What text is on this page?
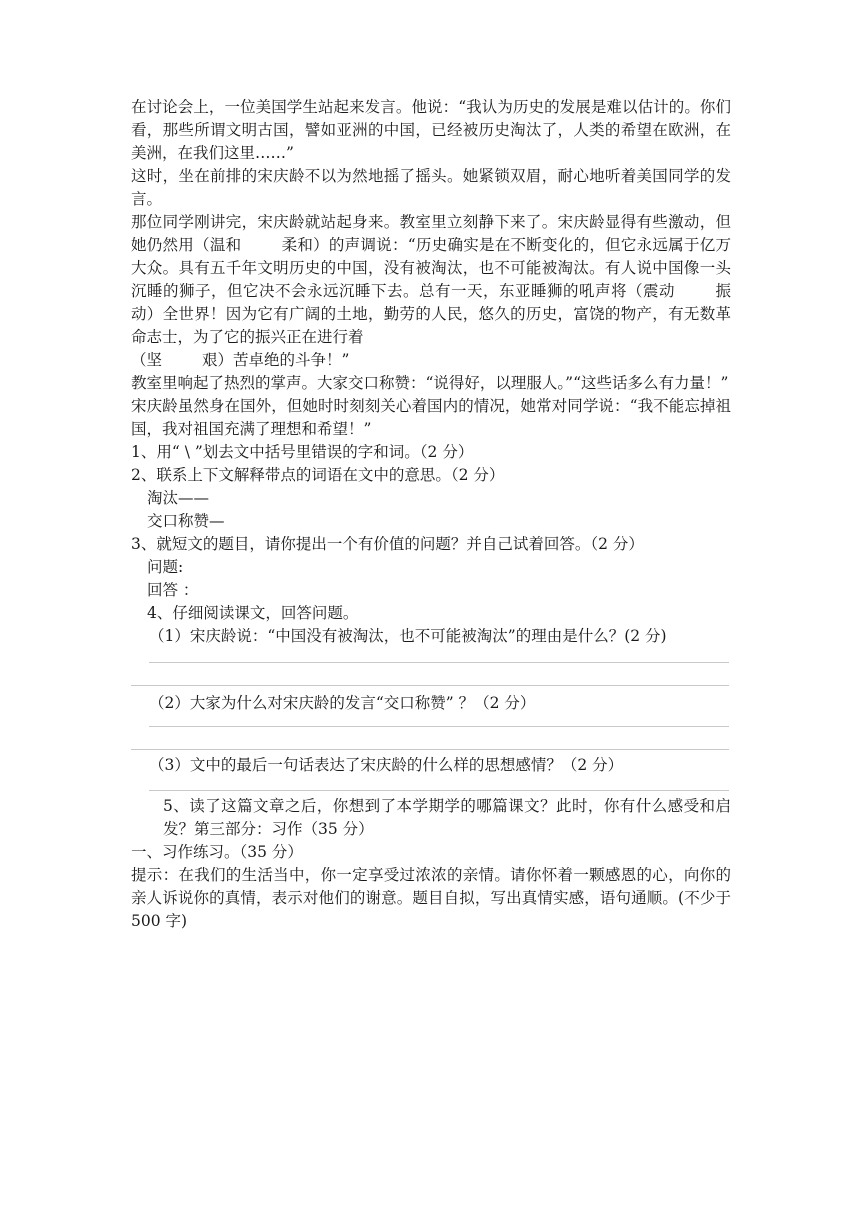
在讨论会上，一位美国学生站起来发言。他说：“我认为历史的发展是难以估计的。你们看，那些所谓文明古国，譬如亚洲的中国，已经被历史淘汰了，人类的希望在欧洲，在美洲，在我们这里……”

这时，坐在前排的宋庆龄不以为然地摇了摇头。她紧锁双眉，耐心地听着美国同学的发言。

那位同学刚讲完，宋庆龄就站起身来。教室里立刻静下来了。宋庆龄显得有些激动，但她仍然用（温和	柔和）的声调说：“历史确实是在不断变化的，但它永远属于亿万大众。具有五千年文明历史的中国，没有被淘汰，也不可能被淘汰。有人说中国像一头沉睡的狮子，但它决不会永远沉睡下去。总有一天，东亚睡狮的吼声将（震动	振动）全世界！因为它有广阔的土地，勤劳的人民，悠久的历史，富饶的物产，有无数革命志士，为了它的振兴正在进行着
（坚	艰）苦卓绝的斗争！”

教室里响起了热烈的掌声。大家交口称赞：“说得好，以理服人。”“这些话多么有力量！”

宋庆龄虽然身在国外，但她时时刻刻关心着国内的情况，她常对同学说：“我不能忘掉祖国，我对祖国充满了理想和希望！”

1、用“ \ ”划去文中括号里错误的字和词。（2 分）

2、联系上下文解释带点的词语在文中的意思。（2 分）

淘汰——

交口称赞—

3、就短文的题目，请你提出一个有价值的问题？并自己试着回答。（2 分）

问题:

回答 ：

4、仔细阅读课文，回答问题。

（1）宋庆龄说：“中国没有被淘汰，也不可能被淘汰”的理由是什么？(2 分)

（2）大家为什么对宋庆龄的发言“交口称赞” ？（2 分）

（3）文中的最后一句话表达了宋庆龄的什么样的思想感情？（2 分）

5、读了这篇文章之后，你想到了本学期学的哪篇课文？此时，你有什么感受和启发？第三部分：习作（35 分）

一、习作练习。（35 分）

提示：在我们的生活当中，你一定享受过浓浓的亲情。请你怀着一颗感恩的心，向你的亲人诉说你的真情，表示对他们的谢意。题目自拟，写出真情实感，语句通顺。(不少于 500 字)
